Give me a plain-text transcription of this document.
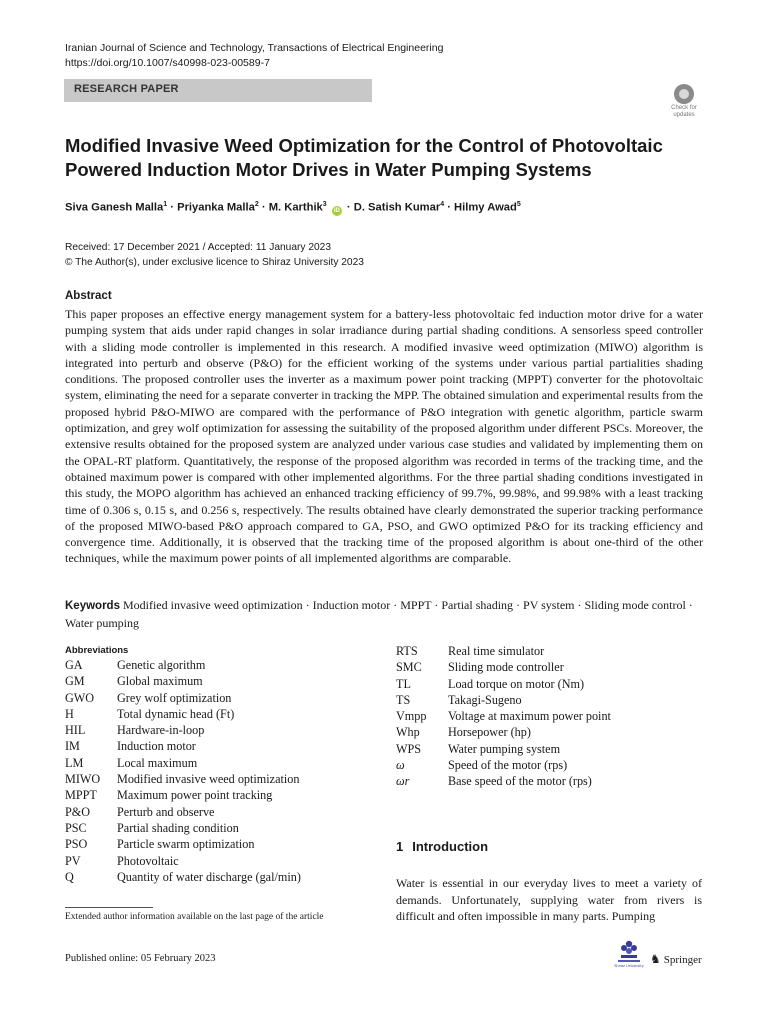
Iranian Journal of Science and Technology, Transactions of Electrical Engineering
https://doi.org/10.1007/s40998-023-00589-7
RESEARCH PAPER
Check for updates
Modified Invasive Weed Optimization for the Control of Photovoltaic Powered Induction Motor Drives in Water Pumping Systems
Siva Ganesh Malla$^1$ · Priyanka Malla$^2$ · M. Karthik$^3$ iD · D. Satish Kumar$^4$ · Hilmy Awad$^5$
Received: 17 December 2021 / Accepted: 11 January 2023
© The Author(s), under exclusive licence to Shiraz University 2023
Abstract
This paper proposes an effective energy management system for a battery-less photovoltaic fed induction motor drive for a water pumping system that aids under rapid changes in solar irradiance during partial shading conditions. A sensorless speed controller with a sliding mode controller is implemented in this research. A modified invasive weed optimization (MIWO) algorithm is integrated into perturb and observe (P&O) for the efficient working of the systems under various partial partialities shading conditions. The proposed controller uses the inverter as a maximum power point tracking (MPPT) converter for the photovoltaic system, eliminating the need for a separate converter in tracking the MPP. The obtained simulation and experimental results from the proposed hybrid P&O-MIWO are compared with the performance of P&O integration with genetic algorithm, particle swarm optimization, and grey wolf optimization for assessing the suitability of the proposed algorithm under different PSCs. Moreover, the extensive results obtained for the proposed system are analyzed under various case studies and validated by implementing them on the OPAL-RT platform. Quantitatively, the response of the proposed algorithm was recorded in terms of the tracking time, and the obtained maximum power is compared with other implemented algorithms. For the three partial shading conditions investigated in this study, the MOPO algorithm has achieved an enhanced tracking efficiency of 99.7%, 99.98%, and 99.98% with a least tracking time of 0.306 s, 0.15 s, and 0.256 s, respectively. The results obtained have clearly demonstrated the superior tracking performance of the proposed MIWO-based P&O approach compared to GA, PSO, and GWO optimized P&O for its tracking efficiency and convergence time. Additionally, it is observed that the tracking time of the proposed algorithm is about one-third of the other techniques, while the maximum power points of all implemented algorithms are comparable.
Keywords Modified invasive weed optimization · Induction motor · MPPT · Partial shading · PV system · Sliding mode control · Water pumping
Abbreviations
GA	Genetic algorithm
GM	Global maximum
GWO	Grey wolf optimization
H	Total dynamic head (Ft)
HIL	Hardware-in-loop
IM	Induction motor
LM	Local maximum
MIWO	Modified invasive weed optimization
MPPT	Maximum power point tracking
P&O	Perturb and observe
PSC	Partial shading condition
PSO	Particle swarm optimization
PV	Photovoltaic
Q	Quantity of water discharge (gal/min)
RTS	Real time simulator
SMC	Sliding mode controller
TL	Load torque on motor (Nm)
TS	Takagi-Sugeno
Vmpp	Voltage at maximum power point
Whp	Horsepower (hp)
WPS	Water pumping system
ω	Speed of the motor (rps)
ωr	Base speed of the motor (rps)
Extended author information available on the last page of the article
1 Introduction
Water is essential in our everyday lives to meet a variety of demands. Unfortunately, supplying water from rivers is difficult and often impossible in many parts. Pumping
Published online: 05 February 2023
Shiraz University ♞ Springer
